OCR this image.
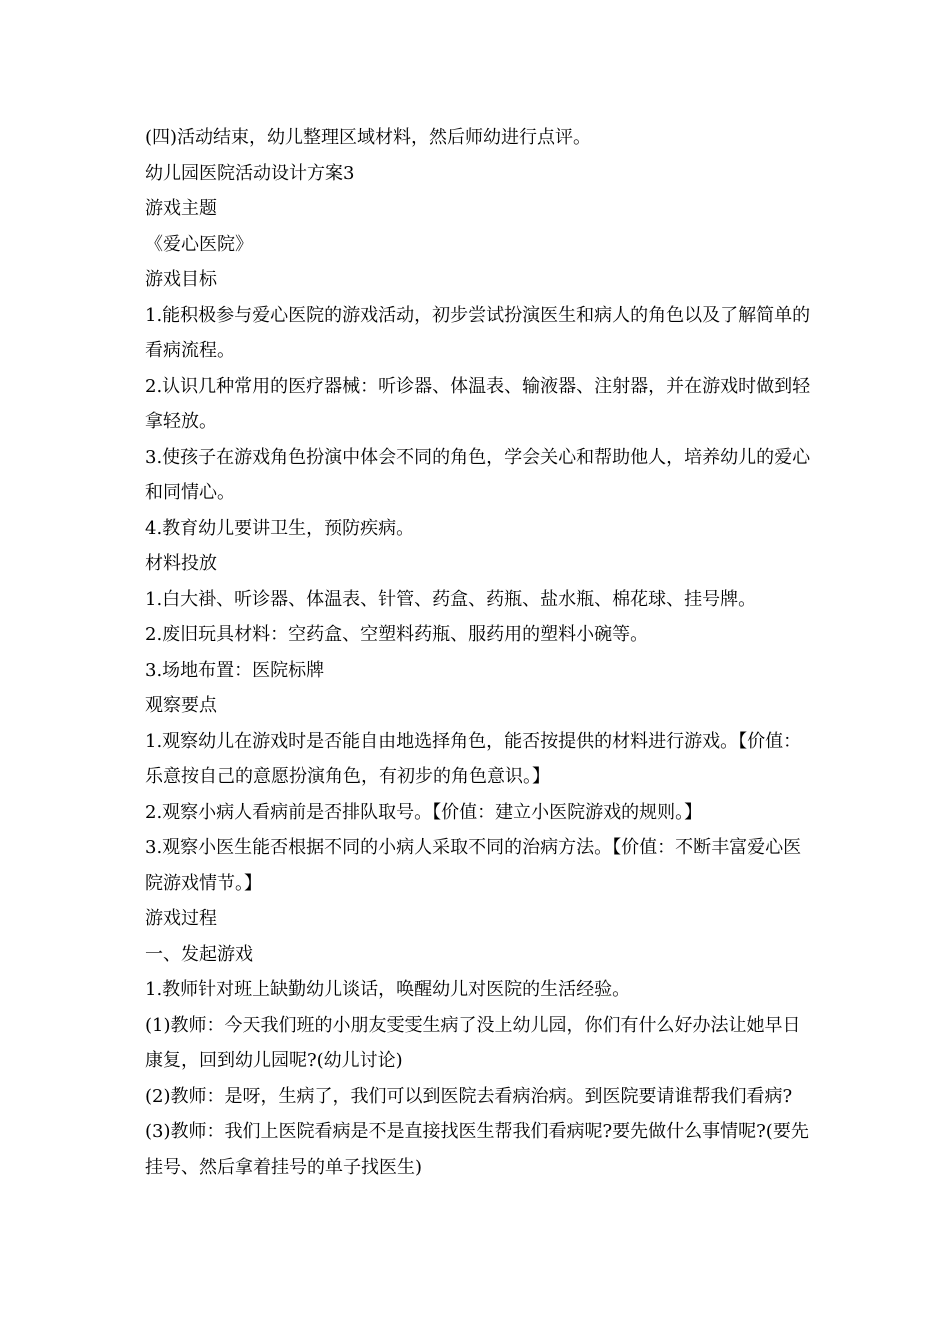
(四)活动结束，幼儿整理区域材料，然后师幼进行点评。

幼儿园医院活动设计方案3

游戏主题

《爱心医院》

游戏目标

1.能积极参与爱心医院的游戏活动，初步尝试扮演医生和病人的角色以及了解简单的看病流程。

2.认识几种常用的医疗器械：听诊器、体温表、输液器、注射器，并在游戏时做到轻拿轻放。

3.使孩子在游戏角色扮演中体会不同的角色，学会关心和帮助他人，培养幼儿的爱心和同情心。

4.教育幼儿要讲卫生，预防疾病。

材料投放

1.白大褂、听诊器、体温表、针管、药盒、药瓶、盐水瓶、棉花球、挂号牌。

2.废旧玩具材料：空药盒、空塑料药瓶、服药用的塑料小碗等。

3.场地布置：医院标牌

观察要点

1.观察幼儿在游戏时是否能自由地选择角色，能否按提供的材料进行游戏。【价值：乐意按自己的意愿扮演角色，有初步的角色意识。】

2.观察小病人看病前是否排队取号。【价值：建立小医院游戏的规则。】

3.观察小医生能否根据不同的小病人采取不同的治病方法。【价值：不断丰富爱心医院游戏情节。】

游戏过程

一、发起游戏

1.教师针对班上缺勤幼儿谈话，唤醒幼儿对医院的生活经验。

(1)教师：今天我们班的小朋友雯雯生病了没上幼儿园，你们有什么好办法让她早日康复，回到幼儿园呢?(幼儿讨论)

(2)教师：是呀，生病了，我们可以到医院去看病治病。到医院要请谁帮我们看病?

(3)教师：我们上医院看病是不是直接找医生帮我们看病呢?要先做什么事情呢?(要先挂号、然后拿着挂号的单子找医生)
